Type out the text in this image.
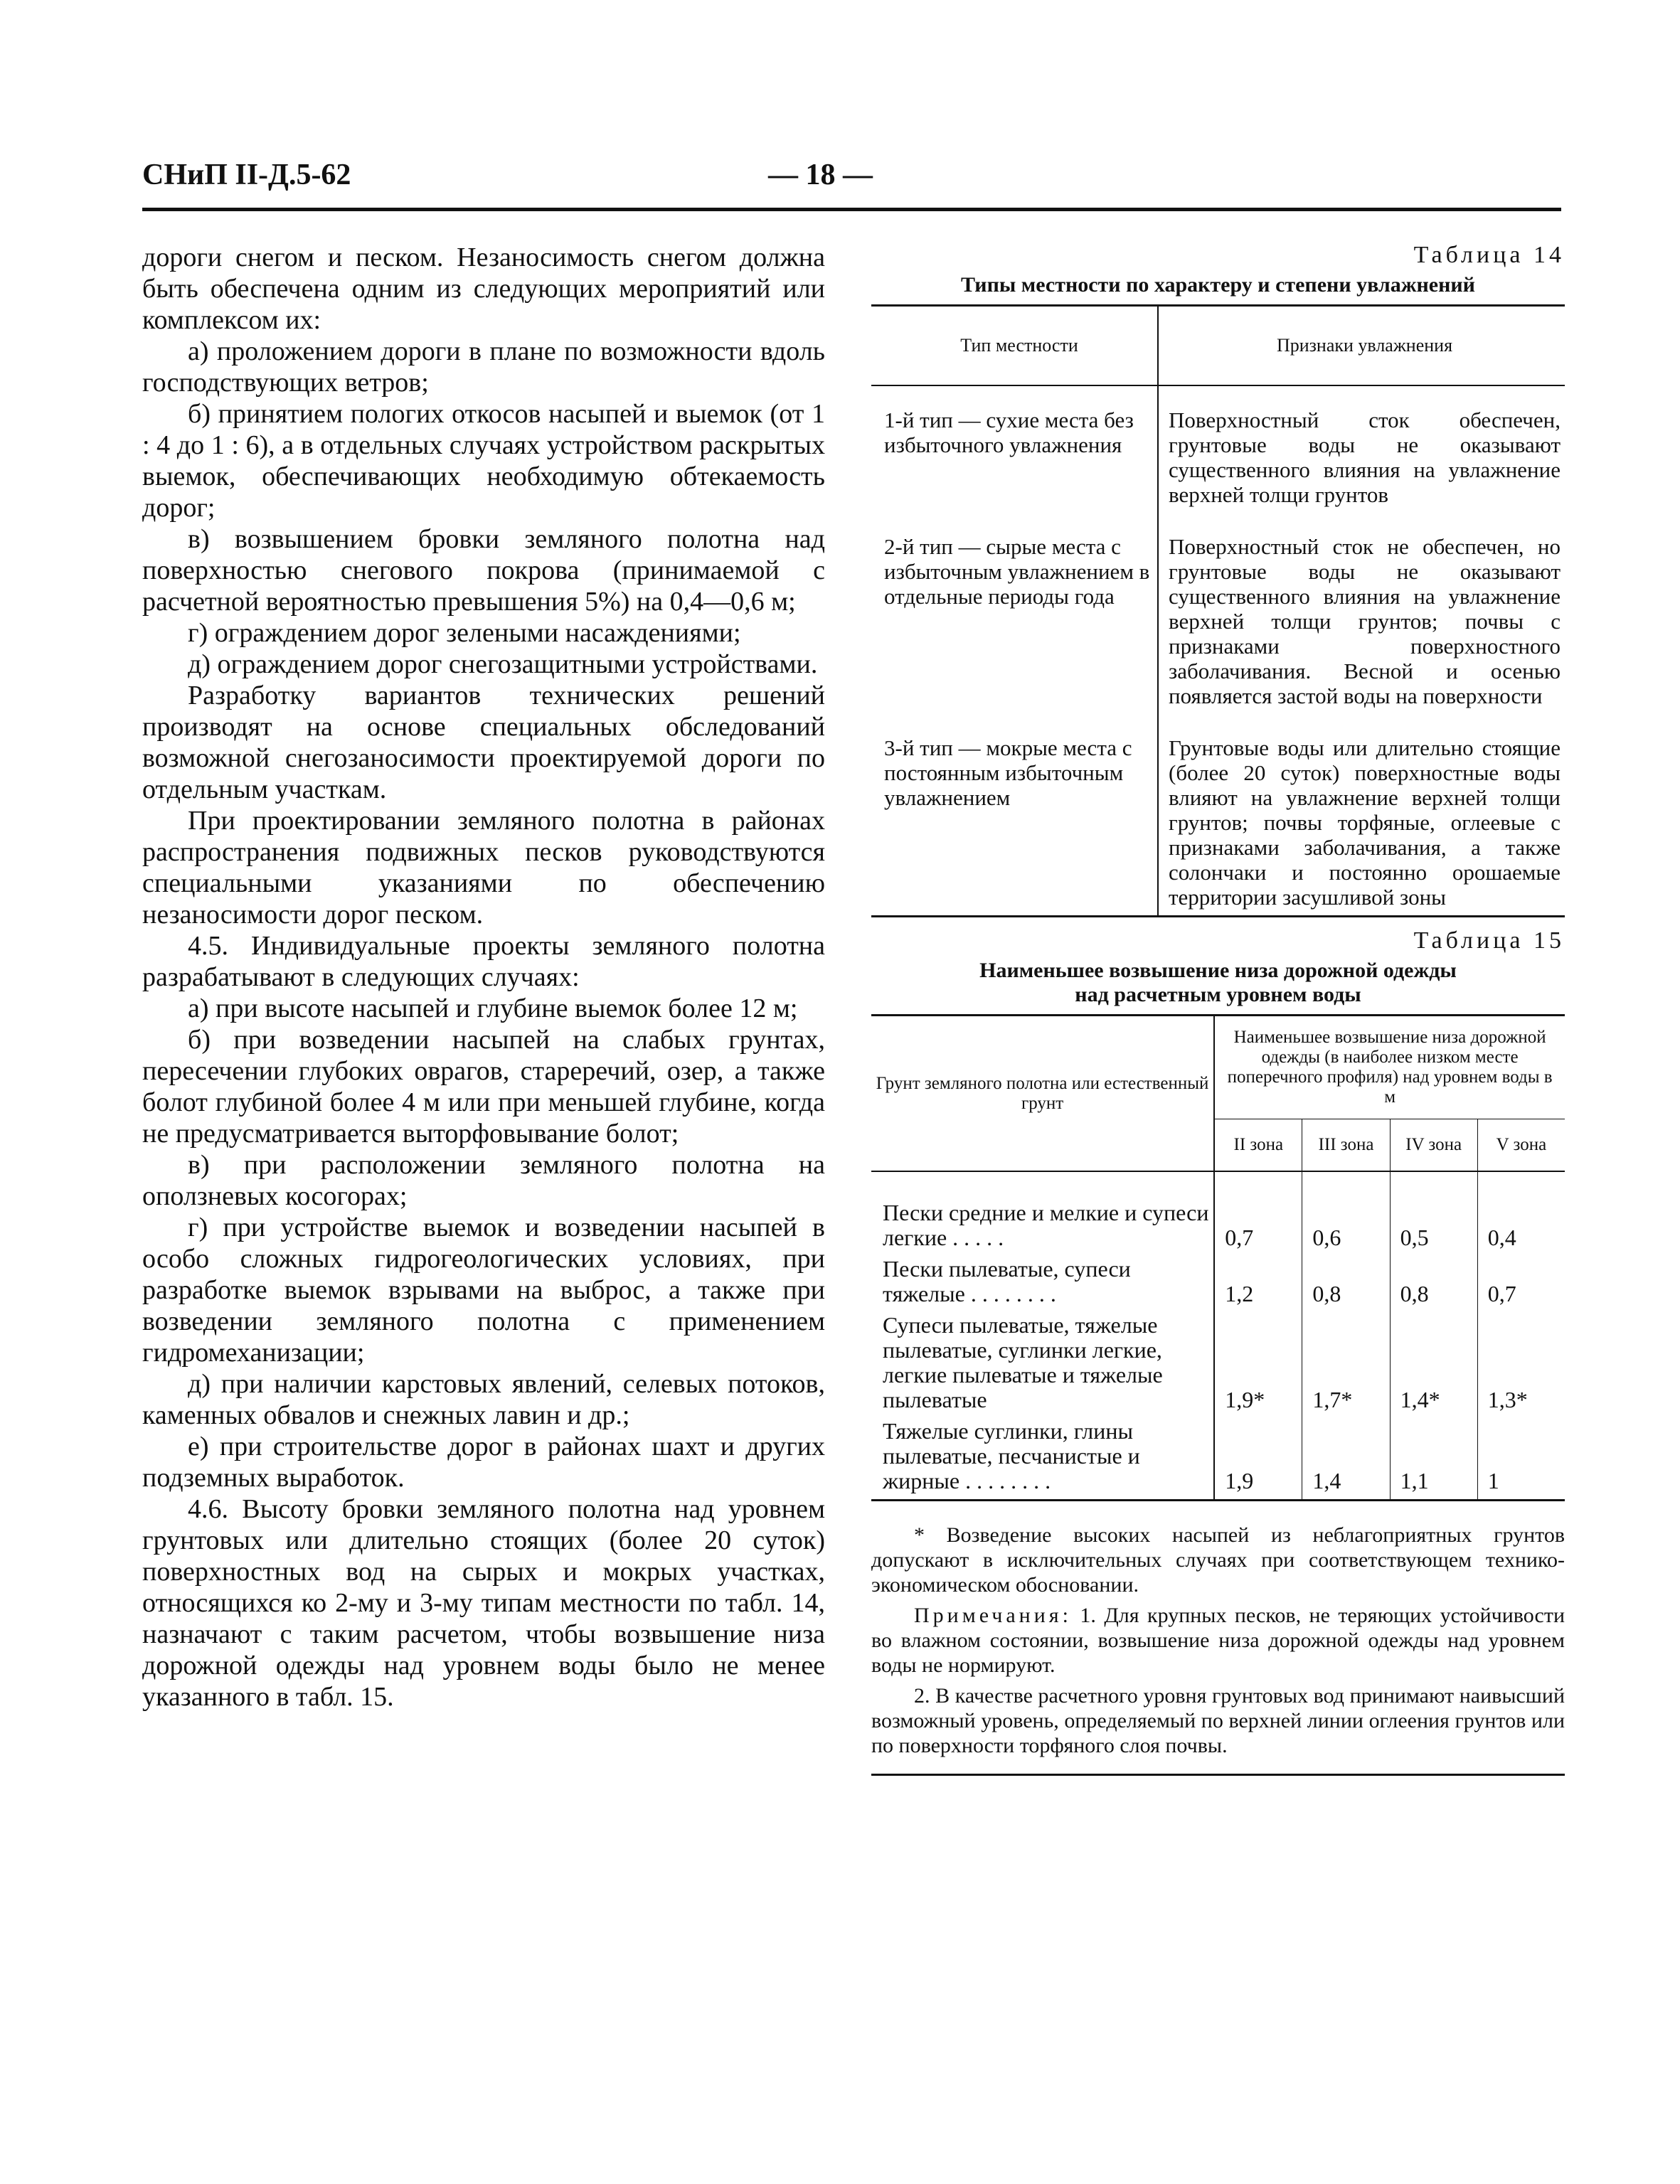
СНиП II-Д.5-62	— 18 —

дороги снегом и песком. Незаносимость снегом должна быть обеспечена одним из следующих мероприятий или комплексом их:

а) проложением дороги в плане по возможности вдоль господствующих ветров;

б) принятием пологих откосов насыпей и выемок (от 1 : 4 до 1 : 6), а в отдельных случаях устройством раскрытых выемок, обеспечивающих необходимую обтекаемость дорог;

в) возвышением бровки земляного полотна над поверхностью снегового покрова (принимаемой с расчетной вероятностью превышения 5%) на 0,4—0,6 м;

г) ограждением дорог зелеными насаждениями;

д) ограждением дорог снегозащитными устройствами.

Разработку вариантов технических решений производят на основе специальных обследований возможной снегозаносимости проектируемой дороги по отдельным участкам.

При проектировании земляного полотна в районах распространения подвижных песков руководствуются специальными указаниями по обеспечению незаносимости дорог песком.

4.5. Индивидуальные проекты земляного полотна разрабатывают в следующих случаях:

а) при высоте насыпей и глубине выемок более 12 м;

б) при возведении насыпей на слабых грунтах, пересечении глубоких оврагов, стареречий, озер, а также болот глубиной более 4 м или при меньшей глубине, когда не предусматривается выторфовывание болот;

в) при расположении земляного полотна на оползневых косогорах;

г) при устройстве выемок и возведении насыпей в особо сложных гидрогеологических условиях, при разработке выемок взрывами на выброс, а также при возведении земляного полотна с применением гидромеханизации;

д) при наличии карстовых явлений, селевых потоков, каменных обвалов и снежных лавин и др.;

е) при строительстве дорог в районах шахт и других подземных выработок.

4.6. Высоту бровки земляного полотна над уровнем грунтовых или длительно стоящих (более 20 суток) поверхностных вод на сырых и мокрых участках, относящихся ко 2-му и 3-му типам местности по табл. 14, назначают с таким расчетом, чтобы возвышение низа дорожной одежды над уровнем воды было не менее указанного в табл. 15.

Таблица 14
Типы местности по характеру и степени увлажнений
Тип местности	Признаки увлажнения
1-й тип — сухие места без избыточного увлажнения	Поверхностный сток обеспечен, грунтовые воды не оказывают существенного влияния на увлажнение верхней толщи грунтов
2-й тип — сырые места с избыточным увлажнением в отдельные периоды года	Поверхностный сток не обеспечен, но грунтовые воды не оказывают существенного влияния на увлажнение верхней толщи грунтов; почвы с признаками поверхностного заболачивания. Весной и осенью появляется застой воды на поверхности
3-й тип — мокрые места с постоянным избыточным увлажнением	Грунтовые воды или длительно стоящие (более 20 суток) поверхностные воды влияют на увлажнение верхней толщи грунтов; почвы торфяные, оглеевые с признаками заболачивания, а также солончаки и постоянно орошаемые территории засушливой зоны
Таблица 15
Наименьшее возвышение низа дорожной одежды
над расчетным уровнем воды
Грунт земляного полотна или естественный грунт	Наименьшее возвышение низа дорожной одежды (в наиболее низком месте поперечного профиля) над уровнем воды в м			
	II зона	III зона	IV зона	V зона
Пески средние и мелкие и супеси легкие . . . . .	0,7	0,6	0,5	0,4
Пески пылеватые, супеси тяжелые . . . . . . . .	1,2	0,8	0,8	0,7
Супеси пылеватые, тяжелые пылеватые, суглинки легкие, легкие пылеватые и тяжелые пылеватые	1,9*	1,7*	1,4*	1,3*
Тяжелые суглинки, глины пылеватые, песчанистые и жирные . . . . . . . .	1,9	1,4	1,1	1

* Возведение высоких насыпей из неблагоприятных грунтов допускают в исключительных случаях при соответствующем технико-экономическом обосновании.

Примечания: 1. Для крупных песков, не теряющих устойчивости во влажном состоянии, возвышение низа дорожной одежды над уровнем воды не нормируют.

2. В качестве расчетного уровня грунтовых вод принимают наивысший возможный уровень, определяемый по верхней линии оглеения грунтов или по поверхности торфяного слоя почвы.
